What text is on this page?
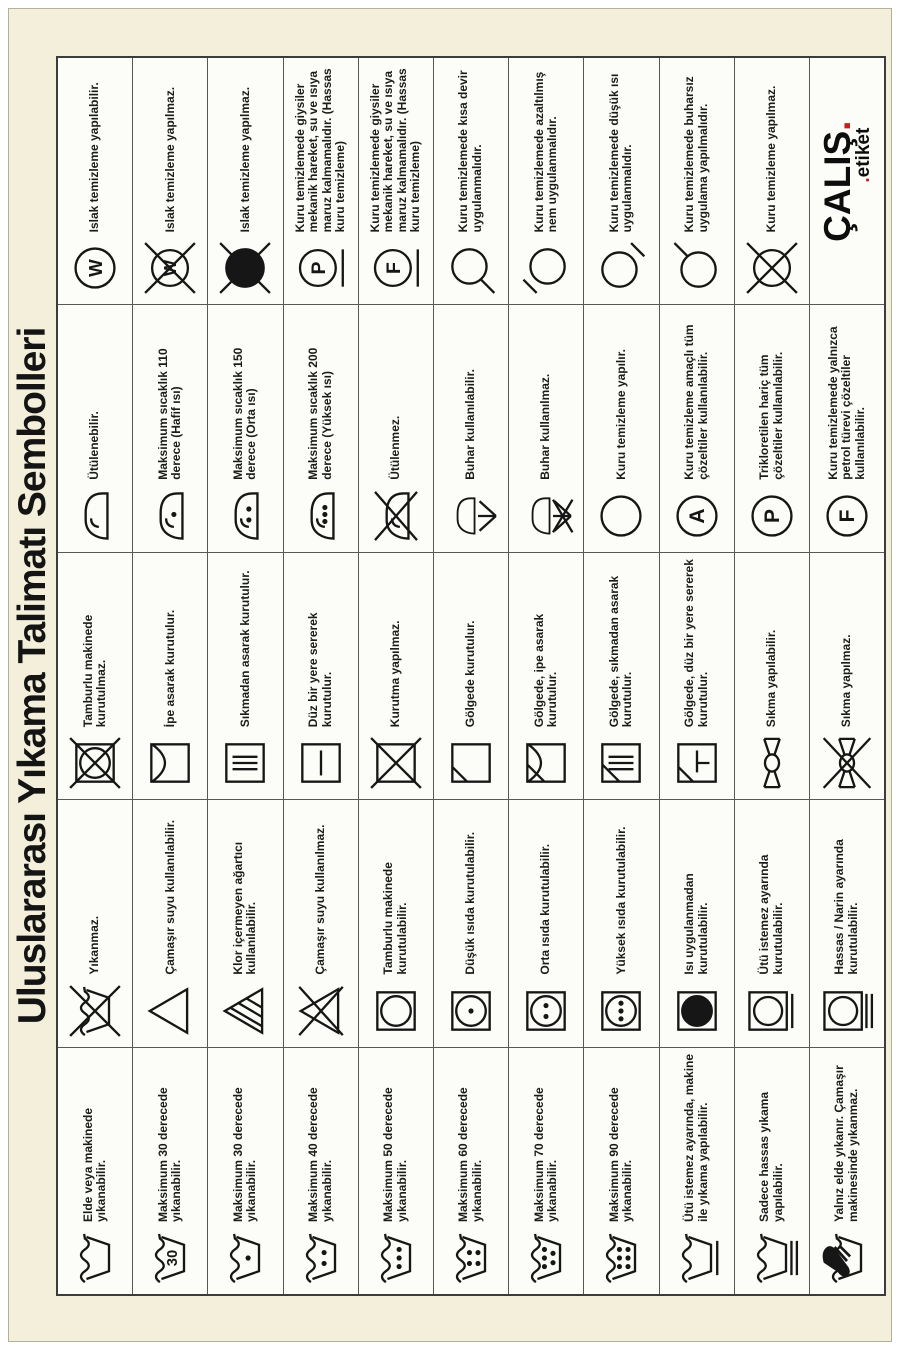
Uluslararası Yıkama Talimatı Sembolleri
Elde veya makinede yıkanabilir.
Yıkanmaz.
Tamburlu makinede kurutulmaz.
Ütülenebilir.
W
Islak temizleme yapılabilir.
30
Maksimum 30 derecede yıkanabilir.
Çamaşır suyu kullanılabilir.
İpe asarak kurutulur.
Maksimum sıcaklık 110 derece (Hafif ısı)
W
Islak temizleme yapılmaz.
Maksimum 30 derecede yıkanabilir.
Klor içermeyen ağartıcı kullanılabilir.
Sıkmadan asarak kurutulur.
Maksimum sıcaklık 150 derece (Orta ısı)
Islak temizleme yapılmaz.
Maksimum 40 derecede yıkanabilir.
Çamaşır suyu kullanılmaz.
Düz bir yere sererek kurutulur.
Maksimum sıcaklık 200 derece (Yüksek ısı)
P
Kuru temizlemede giysiler mekanik hareket, su ve ısıya maruz kalmamalıdır. (Hassas kuru temizleme)
Maksimum 50 derecede yıkanabilir.
Tamburlu makinede kurutulabilir.
Kurutma yapılmaz.
Ütülenmez.
F
Kuru temizlemede giysiler mekanik hareket, su ve ısıya maruz kalmamalıdır. (Hassas kuru temizleme)
Maksimum 60 derecede yıkanabilir.
Düşük ısıda kurutulabilir.
Gölgede kurutulur.
Buhar kullanılabilir.
Kuru temizlemede kısa devir uygulanmalıdır.
Maksimum 70 derecede yıkanabilir.
Orta ısıda kurutulabilir.
Gölgede, ipe asarak kurutulur.
Buhar kullanılmaz.
Kuru temizlemede azaltılmış nem uygulanmalıdır.
Maksimum 90 derecede yıkanabilir.
Yüksek ısıda kurutulabilir.
Gölgede, sıkmadan asarak kurutulur.
Kuru temizleme yapılır.
Kuru temizlemede düşük ısı uygulanmalıdır.
Ütü istemez ayarında, makine ile yıkama yapılabilir.
Isı uygulanmadan kurutulabilir.
Gölgede, düz bir yere sererek kurutulur.
A
Kuru temizleme amaçlı tüm çözeltiler kullanılabilir.
Kuru temizlemede buharsız uygulama yapılmalıdır.
Sadece hassas yıkama yapılabilir.
Ütü istemez ayarında kurutulabilir.
Sıkma yapılabilir.
P
Trikloretilen hariç tüm çözeltiler kullanılabilir.
Kuru temizleme yapılmaz.
Yalnız elde yıkanır. Çamaşır makinesinde yıkanmaz.
Hassas / Narin ayarında kurutulabilir.
Sıkma yapılmaz.
F
Kuru temizlemede yalnızca petrol türevi çözeltiler kullanılabilir.
ÇALIŞ.
.etiket
